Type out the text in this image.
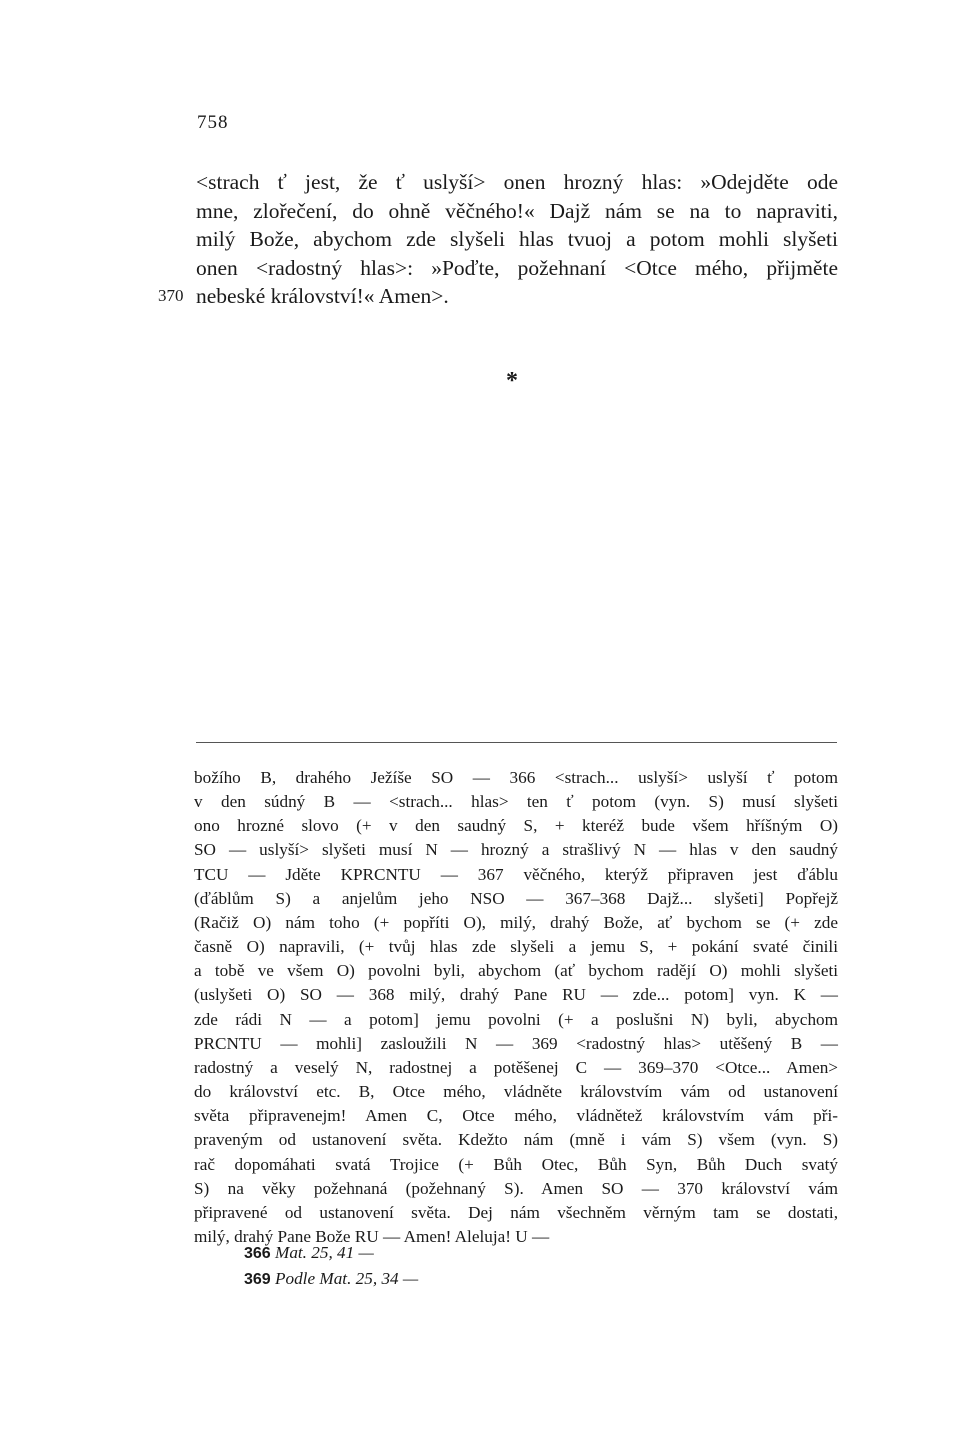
758
<strach ť jest, že ť uslyší> onen hrozný hlas: »Odejděte ode
mne, zlořečení, do ohně věčného!« Dajž nám se na to napraviti,
milý Bože, abychom zde slyšeli hlas tvuoj a potom mohli slyšeti
onen <radostný hlas>: »Poďte, požehnaní <Otce mého, přijměte
370 nebeské království!« Amen>.
*
božího B, drahého Ježíše SO — 366 <strach... uslyší> uslyší ť potom
v den súdný B — <strach... hlas> ten ť potom (vyn. S) musí slyšeti
ono hrozné slovo (+ v den saudný S, + kteréž bude všem hříšným O)
SO — uslyší> slyšeti musí N — hrozný a strašlivý N — hlas v den saudný
TCU — Jděte KPRCNTU — 367 věčného, kterýž připraven jest ďáblu
(ďáblům S) a anjelům jeho NSO — 367–368 Dajž... slyšeti] Popřejž
(Račiž O) nám toho (+ popříti O), milý, drahý Bože, ať bychom se (+ zde
časně O) napravili, (+ tvůj hlas zde slyšeli a jemu S, + pokání svaté činili
a tobě ve všem O) povolni byli, abychom (ať bychom radějí O) mohli slyšeti
(uslyšeti O) SO — 368 milý, drahý Pane RU — zde... potom] vyn. K —
zde rádi N — a potom] jemu povolni (+ a poslušni N) byli, abychom
PRCNTU — mohli] zasloužili N — 369 <radostný hlas> utěšený B —
radostný a veselý N, radostnej a potěšenej C — 369–370 <Otce... Amen>
do království etc. B, Otce mého, vládněte královstvím vám od ustanovení
světa připravenejm! Amen C, Otce mého, vládnětež královstvím vám při-
praveným od ustanovení světa. Kdežto nám (mně i vám S) všem (vyn. S)
rač dopomáhati svatá Trojice (+ Bůh Otec, Bůh Syn, Bůh Duch svatý
S) na věky požehnaná (požehnaný S). Amen SO — 370 království vám
připravené od ustanovení světa. Dej nám všechněm věrným tam se dostati,
milý, drahý Pane Bože RU — Amen! Aleluja! U —
366 Mat. 25, 41 —
369 Podle Mat. 25, 34 —
